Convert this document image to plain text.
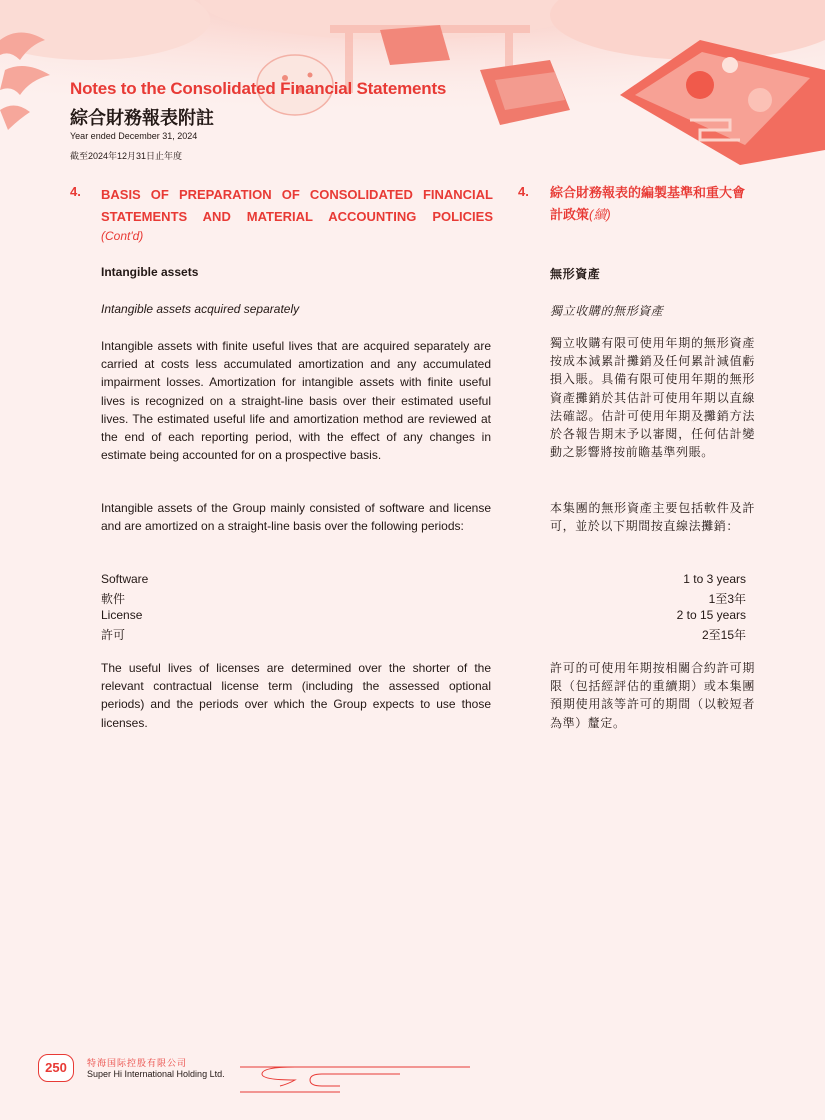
Notes to the Consolidated Financial Statements
綜合財務報表附註
Year ended December 31, 2024
截至2024年12月31日止年度
4. BASIS OF PREPARATION OF CONSOLIDATED FINANCIAL
STATEMENTS AND MATERIAL ACCOUNTING POLICIES
(Cont'd)
4. 綜合財務報表的編製基準和重大會計政策(續)
Intangible assets	無形資產
Intangible assets acquired separately	獨立收購的無形資產
Intangible assets with finite useful lives that are acquired separately are carried at costs less accumulated amortization and any accumulated impairment losses. Amortization for intangible assets with finite useful lives is recognized on a straight-line basis over their estimated useful lives. The estimated useful life and amortization method are reviewed at the end of each reporting period, with the effect of any changes in estimate being accounted for on a prospective basis.
獨立收購有限可使用年期的無形資產按成本減累計攤銷及任何累計減值虧損入賬。具備有限可使用年期的無形資產攤銷於其估計可使用年期以直線法確認。估計可使用年期及攤銷方法於各報告期末予以審閱，任何估計變動之影響將按前瞻基準列賬。
Intangible assets of the Group mainly consisted of software and license and are amortized on a straight-line basis over the following periods:
本集團的無形資產主要包括軟件及許可，並於以下期間按直線法攤銷：
Software	1 to 3 years
軟件	1至3年
License	2 to 15 years
許可	2至15年
The useful lives of licenses are determined over the shorter of the relevant contractual license term (including the assessed optional periods) and the periods over which the Group expects to use those licenses.
許可的可使用年期按相關合約許可期限（包括經評估的重續期）或本集團預期使用該等許可的期間（以較短者為準）釐定。
250	特海国际控股有限公司
Super Hi International Holding Ltd.
